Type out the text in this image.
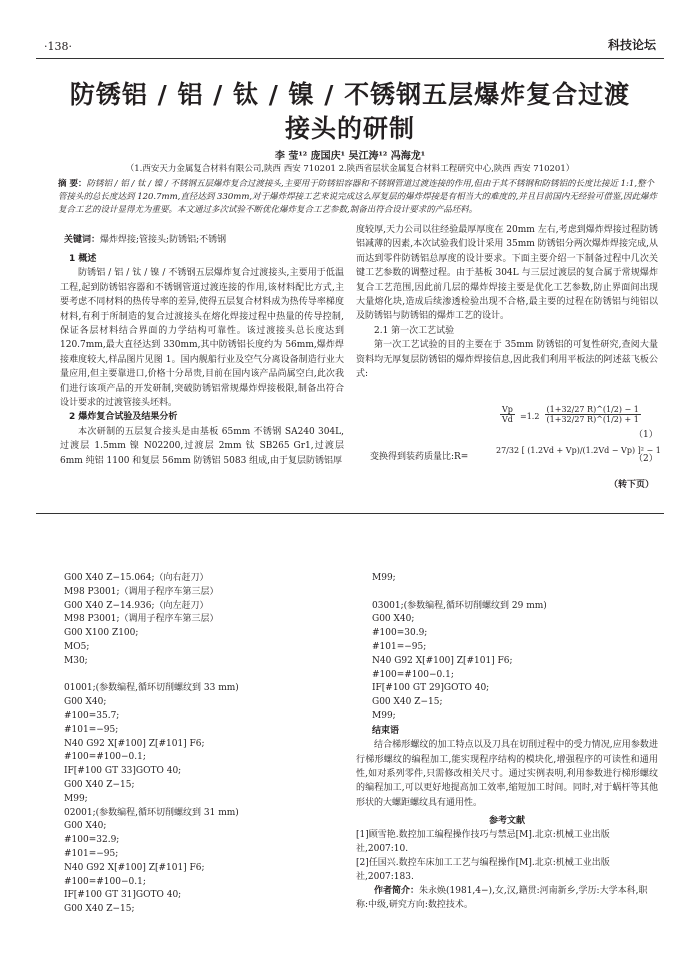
·138·	科技论坛
防锈铝 / 铝 / 钛 / 镍 / 不锈钢五层爆炸复合过渡
接头的研制
李 莹¹² 庞国庆¹ 吴江涛¹² 冯海龙¹
（1.西安天力金属复合材料有限公司,陕西 西安 710201 2.陕西省层状金属复合材料工程研究中心,陕西 西安 710201）
摘 要：防锈铝 / 铝 / 钛 / 镍 / 不锈钢五层爆炸复合过渡接头,主要用于防锈铝容器和不锈钢管道过渡连接的作用,但由于其不锈钢和防锈铝的长度比接近 1:1,整个管接头的总长度达到 120.7mm,直径达到 330mm,对于爆炸焊接工艺来说完成这么厚复层的爆炸焊接是有相当大的难度的,并且目前国内无经验可借鉴,因此爆炸复合工艺的设计显得尤为重要。本文通过多次试验不断优化爆炸复合工艺参数,制备出符合设计要求的产品坯料。
关键词：爆炸焊接;管接头;防锈铝;不锈钢
1 概述

防锈铝 / 铝 / 钛 / 镍 / 不锈钢五层爆炸复合过渡接头,主要用于低温工程,起到防锈铝容器和不锈钢管道过渡连接的作用,该材料配比方式,主要考虑不同材料的热传导率的差异,使得五层复合材料成为热传导率梯度材料,有利于所制造的复合过渡接头在熔化焊接过程中热量的传导控制,保证各层材料结合界面的力学结构可靠性。该过渡接头总长度达到 120.7mm,最大直径达到 330mm,其中防锈铝长度约为 56mm,爆炸焊接难度较大,样品图片见图 1。国内舰船行业及空气分离设备制造行业大量应用,但主要靠进口,价格十分昂贵,目前在国内该产品尚属空白,此次我们进行该项产品的开发研制,突破防锈铝常规爆炸焊接极限,制备出符合设计要求的过渡管接头坯料。

2 爆炸复合试验及结果分析

本次研制的五层复合接头是由基板 65mm 不锈钢 SA240 304L,过渡层 1.5mm 镍 N02200,过渡层 2mm 钛 SB265 Gr1,过渡层 6mm 纯铝 1100 和复层 56mm 防锈铝 5083 组成,由于复层防锈铝厚

度较厚,天力公司以往经验最厚厚度在 20mm 左右,考虑到爆炸焊接过程防锈铝减薄的因素,本次试验我们设计采用 35mm 防锈铝分两次爆炸焊接完成,从而达到零件防锈铝总厚度的设计要求。下面主要介绍一下制备过程中几次关键工艺参数的调整过程。由于基板 304L 与三层过渡层的复合属于常规爆炸复合工艺范围,因此前几层的爆炸焊接主要是优化工艺参数,防止界面间出现大量熔化块,造成后续渗透检验出现不合格,最主要的过程在防锈铝与纯铝以及防锈铝与防锈铝的爆炸工艺的设计。

2.1 第一次工艺试验

第一次工艺试验的目的主要在于 35mm 防锈铝的可复性研究,查阅大量资料均无厚复层防锈铝的爆炸焊接信息,因此我们利用平板法的阿述兹飞板公式:

$\frac{Vp}{Vd} =1.2 \frac{(1+32/27 R)\^{}(1/2) - 1}{(1+32/27 R)\^{}(1/2) + 1}$
（1）
变换得到装药质量比:R=
27/32 [ (1.2Vd + Vp)/(1.2Vd − Vp) ]² − 1
（2）
（转下页）
G00 X40 Z−15.064;（向右赶刀）
M98 P3001;（调用子程序车第三层）
G00 X40 Z−14.936;（向左赶刀）
M98 P3001;（调用子程序车第三层）
G00 X100 Z100;
MO5;
M30;
01001;(参数编程,循环切削螺纹到 33 mm)
G00 X40;
#100=35.7;
#101=−95;
N40 G92 X[#100] Z[#101] F6;
#100=#100−0.1;
IF[#100 GT 33]GOTO 40;
G00 X40 Z−15;
M99;
02001;(参数编程,循环切削螺纹到 31 mm)
G00 X40;
#100=32.9;
#101=−95;
N40 G92 X[#100] Z[#101] F6;
#100=#100−0.1;
IF[#100 GT 31]GOTO 40;
G00 X40 Z−15;
M99;
03001;(参数编程,循环切削螺纹到 29 mm)
G00 X40;
#100=30.9;
#101=−95;
N40 G92 X[#100] Z[#101] F6;
#100=#100−0.1;
IF[#100 GT 29]GOTO 40;
G00 X40 Z−15;
M99;
结束语

结合梯形螺纹的加工特点以及刀具在切削过程中的受力情况,应用参数进行梯形螺纹的编程加工,能实现程序结构的模块化,增强程序的可读性和通用性,如对系列零件,只需修改相关尺寸。通过实例表明,利用参数进行梯形螺纹的编程加工,可以更好地提高加工效率,缩短加工时间。同时,对于蜗杆等其他形状的大螺距螺纹具有通用性。

参考文献
[1]顾雪艳.数控加工编程操作技巧与禁忌[M].北京:机械工业出版社,2007:10.
[2]任国兴.数控车床加工工艺与编程操作[M].北京:机械工业出版社,2007:183.
作者简介：朱永焕(1981,4−),女,汉,籍贯:河南新乡,学历:大学本科,职称:中级,研究方向:数控技术。
